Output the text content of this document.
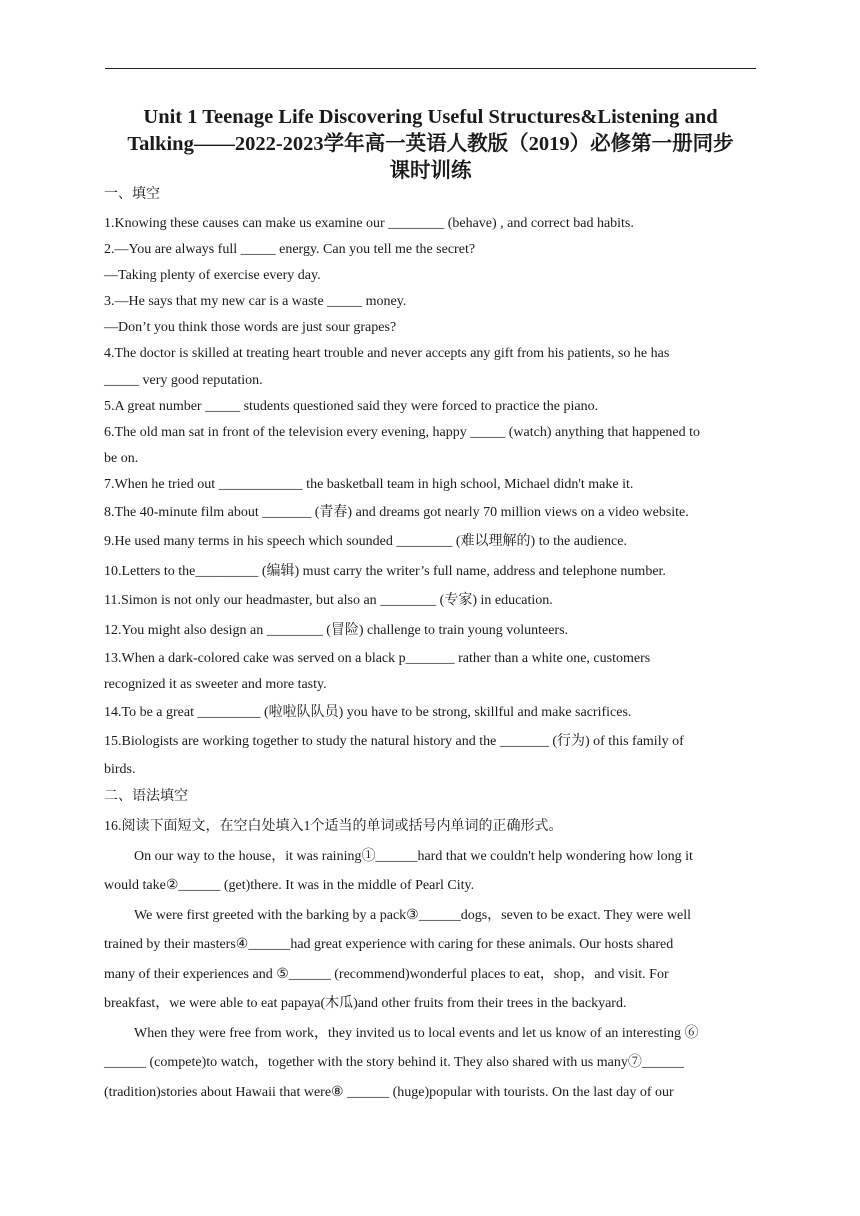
Unit 1 Teenage Life Discovering Useful Structures&Listening and
Talking——2022-2023学年高一英语人教版（2019）必修第一册同步
课时训练
一、填空
1.Knowing these causes can make us examine our ________ (behave) , and correct bad habits.
2.—You are always full _____ energy. Can you tell me the secret?
—Taking plenty of exercise every day.
3.—He says that my new car is a waste _____ money.
—Don’t you think those words are just sour grapes?
4.The doctor is skilled at treating heart trouble and never accepts any gift from his patients, so he has
_____ very good reputation.
5.A great number _____ students questioned said they were forced to practice the piano.
6.The old man sat in front of the television every evening, happy _____ (watch) anything that happened to
be on.
7.When he tried out ____________ the basketball team in high school, Michael didn't make it.
8.The 40-minute film about _______ (青春) and dreams got nearly 70 million views on a video website.
9.He used many terms in his speech which sounded ________ (难以理解的) to the audience.
10.Letters to the_________ (编辑) must carry the writer’s full name, address and telephone number.
11.Simon is not only our headmaster, but also an ________ (专家) in education.
12.You might also design an ________ (冒险) challenge to train young volunteers.
13.When a dark-colored cake was served on a black p_______ rather than a white one, customers
recognized it as sweeter and more tasty.
14.To be a great _________ (啦啦队队员) you have to be strong, skillful and make sacrifices.
15.Biologists are working together to study the natural history and the _______ (行为) of this family of
birds.
二、语法填空
16.阅读下面短文，在空白处填入1个适当的单词或括号内单词的正确形式。
On our way to the house，it was raining①______hard that we couldn't help wondering how long it
would take②______ (get)there. It was in the middle of Pearl City.
We were first greeted with the barking by a pack③______dogs，seven to be exact. They were well
trained by their masters④______had great experience with caring for these animals. Our hosts shared
many of their experiences and ⑤______ (recommend)wonderful places to eat，shop，and visit. For
breakfast，we were able to eat papaya(木瓜)and other fruits from their trees in the backyard.
When they were free from work，they invited us to local events and let us know of an interesting ⑥
______ (compete)to watch，together with the story behind it. They also shared with us many⑦______
(tradition)stories about Hawaii that were⑧ ______ (huge)popular with tourists. On the last day of our
